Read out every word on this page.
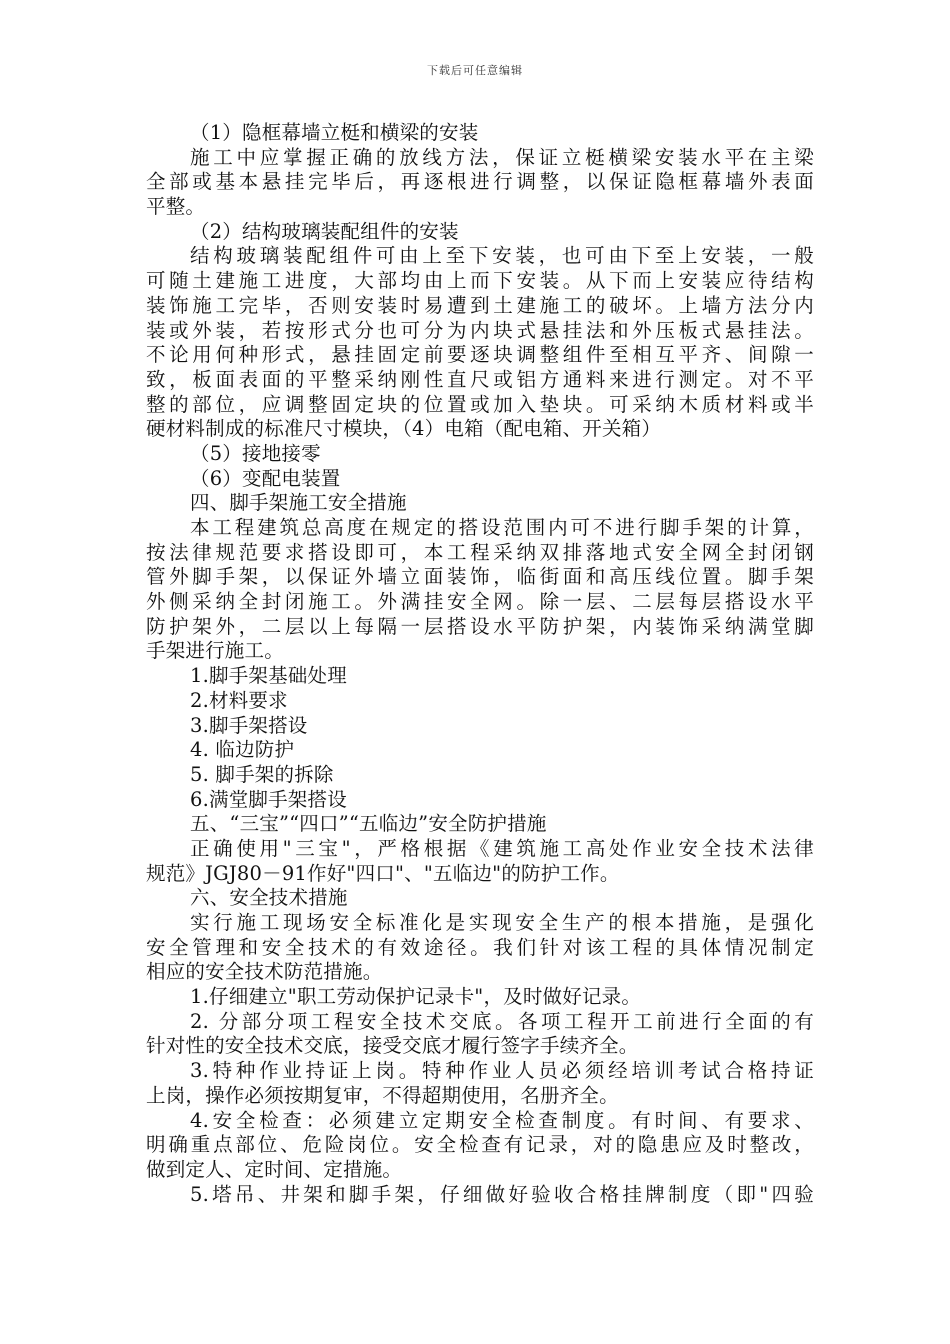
下载后可任意编辑
（1）隐框幕墙立梃和横梁的安装
施工中应掌握正确的放线方法，保证立梃横梁安装水平在主梁
全部或基本悬挂完毕后，再逐根进行调整，以保证隐框幕墙外表面
平整。
（2）结构玻璃装配组件的安装
结构玻璃装配组件可由上至下安装，也可由下至上安装，一般
可随土建施工进度，大部均由上而下安装。从下而上安装应待结构
装饰施工完毕，否则安装时易遭到土建施工的破坏。上墙方法分内
装或外装，若按形式分也可分为内块式悬挂法和外压板式悬挂法。
不论用何种形式，悬挂固定前要逐块调整组件至相互平齐、间隙一
致，板面表面的平整采纳刚性直尺或铝方通料来进行测定。对不平
整的部位，应调整固定块的位置或加入垫块。可采纳木质材料或半
硬材料制成的标准尺寸模块，（4）电箱（配电箱、开关箱）
（5）接地接零
（6）变配电装置
四、脚手架施工安全措施
本工程建筑总高度在规定的搭设范围内可不进行脚手架的计算，
按法律规范要求搭设即可，本工程采纳双排落地式安全网全封闭钢
管外脚手架，以保证外墙立面装饰，临街面和高压线位置。脚手架
外侧采纳全封闭施工。外满挂安全网。除一层、二层每层搭设水平
防护架外，二层以上每隔一层搭设水平防护架，内装饰采纳满堂脚
手架进行施工。
1.脚手架基础处理
2.材料要求
3.脚手架搭设
4. 临边防护
5. 脚手架的拆除
6.满堂脚手架搭设
五、“三宝”“四口”“五临边”安全防护措施
正确使用"三宝"，严格根据《建筑施工高处作业安全技术法律
规范》JGJ80－91作好"四口"、"五临边"的防护工作。
六、安全技术措施
实行施工现场安全标准化是实现安全生产的根本措施，是强化
安全管理和安全技术的有效途径。我们针对该工程的具体情况制定
相应的安全技术防范措施。
1.仔细建立"职工劳动保护记录卡"，及时做好记录。
2. 分部分项工程安全技术交底。各项工程开工前进行全面的有
针对性的安全技术交底，接受交底才履行签字手续齐全。
3.特种作业持证上岗。特种作业人员必须经培训考试合格持证
上岗，操作必须按期复审，不得超期使用，名册齐全。
4.安全检查：必须建立定期安全检查制度。有时间、有要求、
明确重点部位、危险岗位。安全检查有记录，对的隐患应及时整改，
做到定人、定时间、定措施。
5.塔吊、井架和脚手架，仔细做好验收合格挂牌制度（即"四验
